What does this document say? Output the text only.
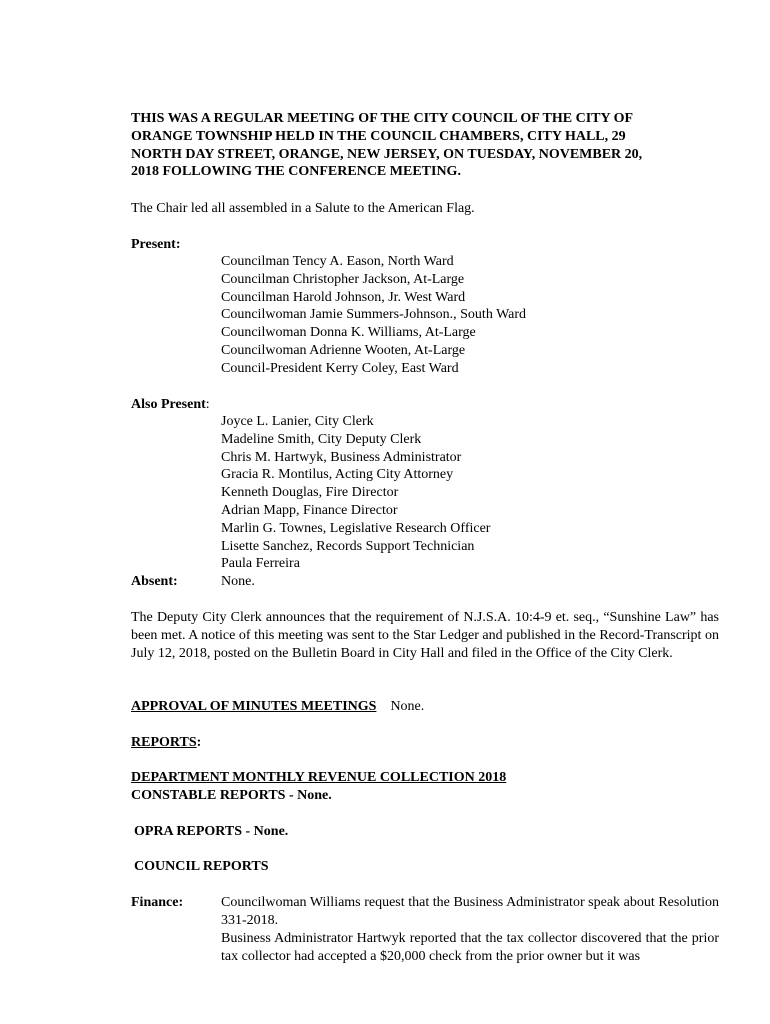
THIS WAS A REGULAR MEETING OF THE CITY COUNCIL OF THE CITY OF
ORANGE TOWNSHIP HELD IN THE COUNCIL CHAMBERS, CITY HALL, 29
NORTH DAY STREET, ORANGE, NEW JERSEY, ON TUESDAY, NOVEMBER 20,
2018 FOLLOWING THE CONFERENCE MEETING.
The Chair led all assembled in a Salute to the American Flag.
Present:
Councilman Tency A. Eason, North Ward
Councilman Christopher Jackson, At-Large
Councilman Harold Johnson, Jr. West Ward
Councilwoman Jamie Summers-Johnson., South Ward
Councilwoman Donna K. Williams, At-Large
Councilwoman Adrienne Wooten, At-Large
Council-President Kerry Coley, East Ward
Also Present:
Joyce L. Lanier, City Clerk
Madeline Smith, City Deputy Clerk
Chris M. Hartwyk, Business Administrator
Gracia R. Montilus, Acting City Attorney
Kenneth Douglas, Fire Director
Adrian Mapp, Finance Director
Marlin G. Townes, Legislative Research Officer
Lisette Sanchez, Records Support Technician
Paula Ferreira
Absent:	None.
The Deputy City Clerk announces that the requirement of N.J.S.A. 10:4-9 et. seq., “Sunshine Law” has been met. A notice of this meeting was sent to the Star Ledger and published in the Record-Transcript on July 12, 2018, posted on the Bulletin Board in City Hall and filed in the Office of the City Clerk.
APPROVAL OF MINUTES MEETINGS None.
REPORTS:
DEPARTMENT MONTHLY REVENUE COLLECTION 2018
CONSTABLE REPORTS - None.
OPRA REPORTS - None.
COUNCIL REPORTS
Finance:	Councilwoman Williams request that the Business Administrator speak about Resolution 331-2018.
Business Administrator Hartwyk reported that the tax collector discovered that the prior tax collector had accepted a $20,000 check from the prior owner but it was
